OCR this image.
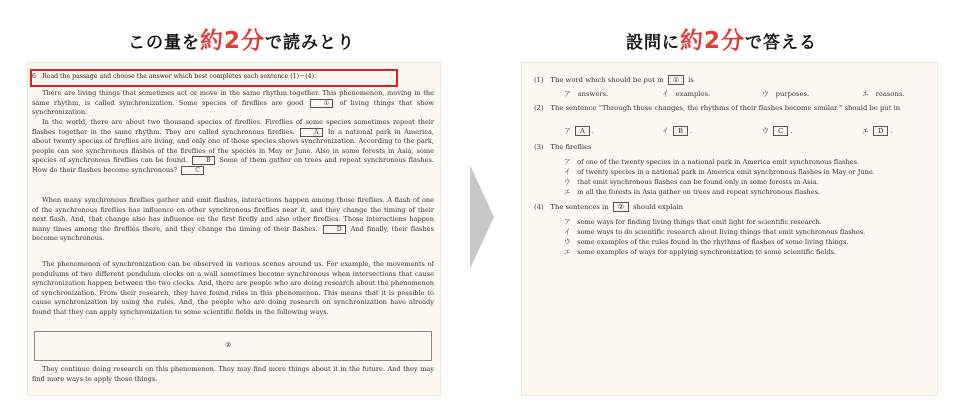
この量を約2分で読みとり	設問に約2分で答える
6　Read the passage and choose the answer which best completes each sentence (1)〜(4).

There are living things that sometimes act or move in the same rhythm together. This phenomenon, moving in the same rhythm, is called synchronization. Some species of fireflies are good	① of living things that show synchronization.

In the world, there are about two thousand species of fireflies. Fireflies of some species sometimes repeat their flashes together in the same rhythm. They are called synchronous fireflies.	A In a national park in America, about twenty species of fireflies are living, and only one of those species shows synchronization. According to the park, people can see synchronous flashes of the fireflies of the species in May or June. Also in some forests in Asia, some species of synchronous fireflies can be found.	B Some of them gather on trees and repeat synchronous flashes. How do their flashes become synchronous?	C

When many synchronous fireflies gather and emit flashes, interactions happen among those fireflies. A flash of one of the synchronous fireflies has influence on other synchronous fireflies near it, and they change the timing of their next flash. And, that change also has influence on the first firefly and also other fireflies. Those interactions happen many times among the fireflies there, and they change the timing of their flashes.	D And finally, their flashes become synchronous.

The phenomenon of synchronization can be observed in various scenes around us. For example, the movements of pendulums of two different pendulum clocks on a wall sometimes become synchronous when intersections that cause synchronization happen between the two clocks. And, there are people who are doing research about the phenomenon of synchronization. From their research, they have found rules in this phenomenon. This means that it is possible to cause synchronization by using the rules. And, the people who are doing research on synchronization have already found that they can apply synchronization to some scientific fields in the following ways.

②

They continue doing research on this phenomenon. They may find more things about it in the future. And they may find more ways to apply those things.

(1)　The word which should be put in ① is
ア　answers.	イ　examples.	ウ　purposes.	エ　reasons.
(2)　The sentence “Through those changes, the rhythms of their flashes become similar.” should be put in
ア A .	イ B .	ウ C .	エ D .
(3)　The fireflies
ア　of one of the twenty species in a national park in America emit synchronous flashes.
イ　of twenty species in a national park in America emit synchronous flashes in May or June.
ウ　that emit synchronous flashes can be found only in some forests in Asia.
エ　in all the forests in Asia gather on trees and repeat synchronous flashes.
(4)　The sentences in ② should explain
ア　some ways for finding living things that emit light for scientific research.
イ　some ways to do scientific research about living things that emit synchronous flashes.
ウ　some examples of the rules found in the rhythms of flashes of some living things.
エ　some examples of ways for applying synchronization to some scientific fields.
